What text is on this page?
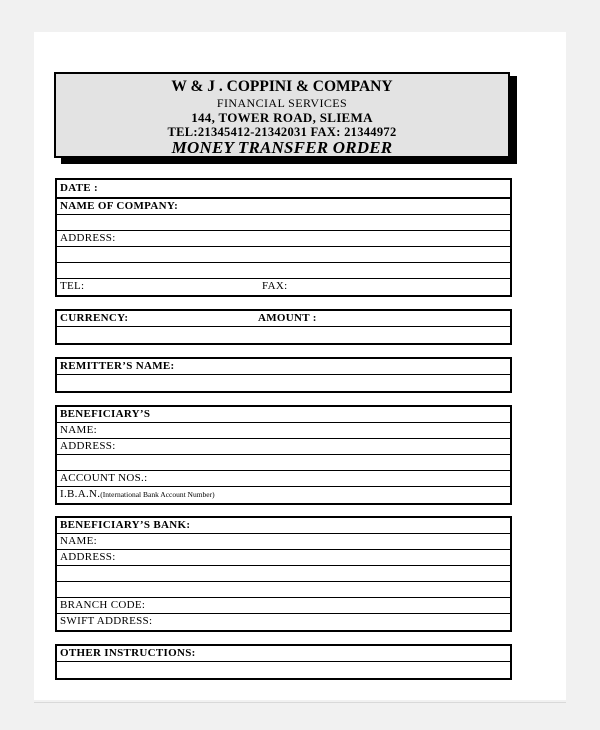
W & J . COPPINI & COMPANY
FINANCIAL SERVICES
144, TOWER ROAD, SLIEMA
TEL:21345412-21342031 FAX: 21344972
MONEY TRANSFER ORDER
DATE :
NAME OF COMPANY:
ADDRESS:
TEL:	FAX:
CURRENCY:	AMOUNT :
REMITTER’S NAME:
BENEFICIARY’S
NAME:
ADDRESS:
ACCOUNT NOS.:
I.B.A.N.(International Bank Account Number)
BENEFICIARY’S BANK:
NAME:
ADDRESS:
BRANCH CODE:
SWIFT ADDRESS:
OTHER INSTRUCTIONS:
